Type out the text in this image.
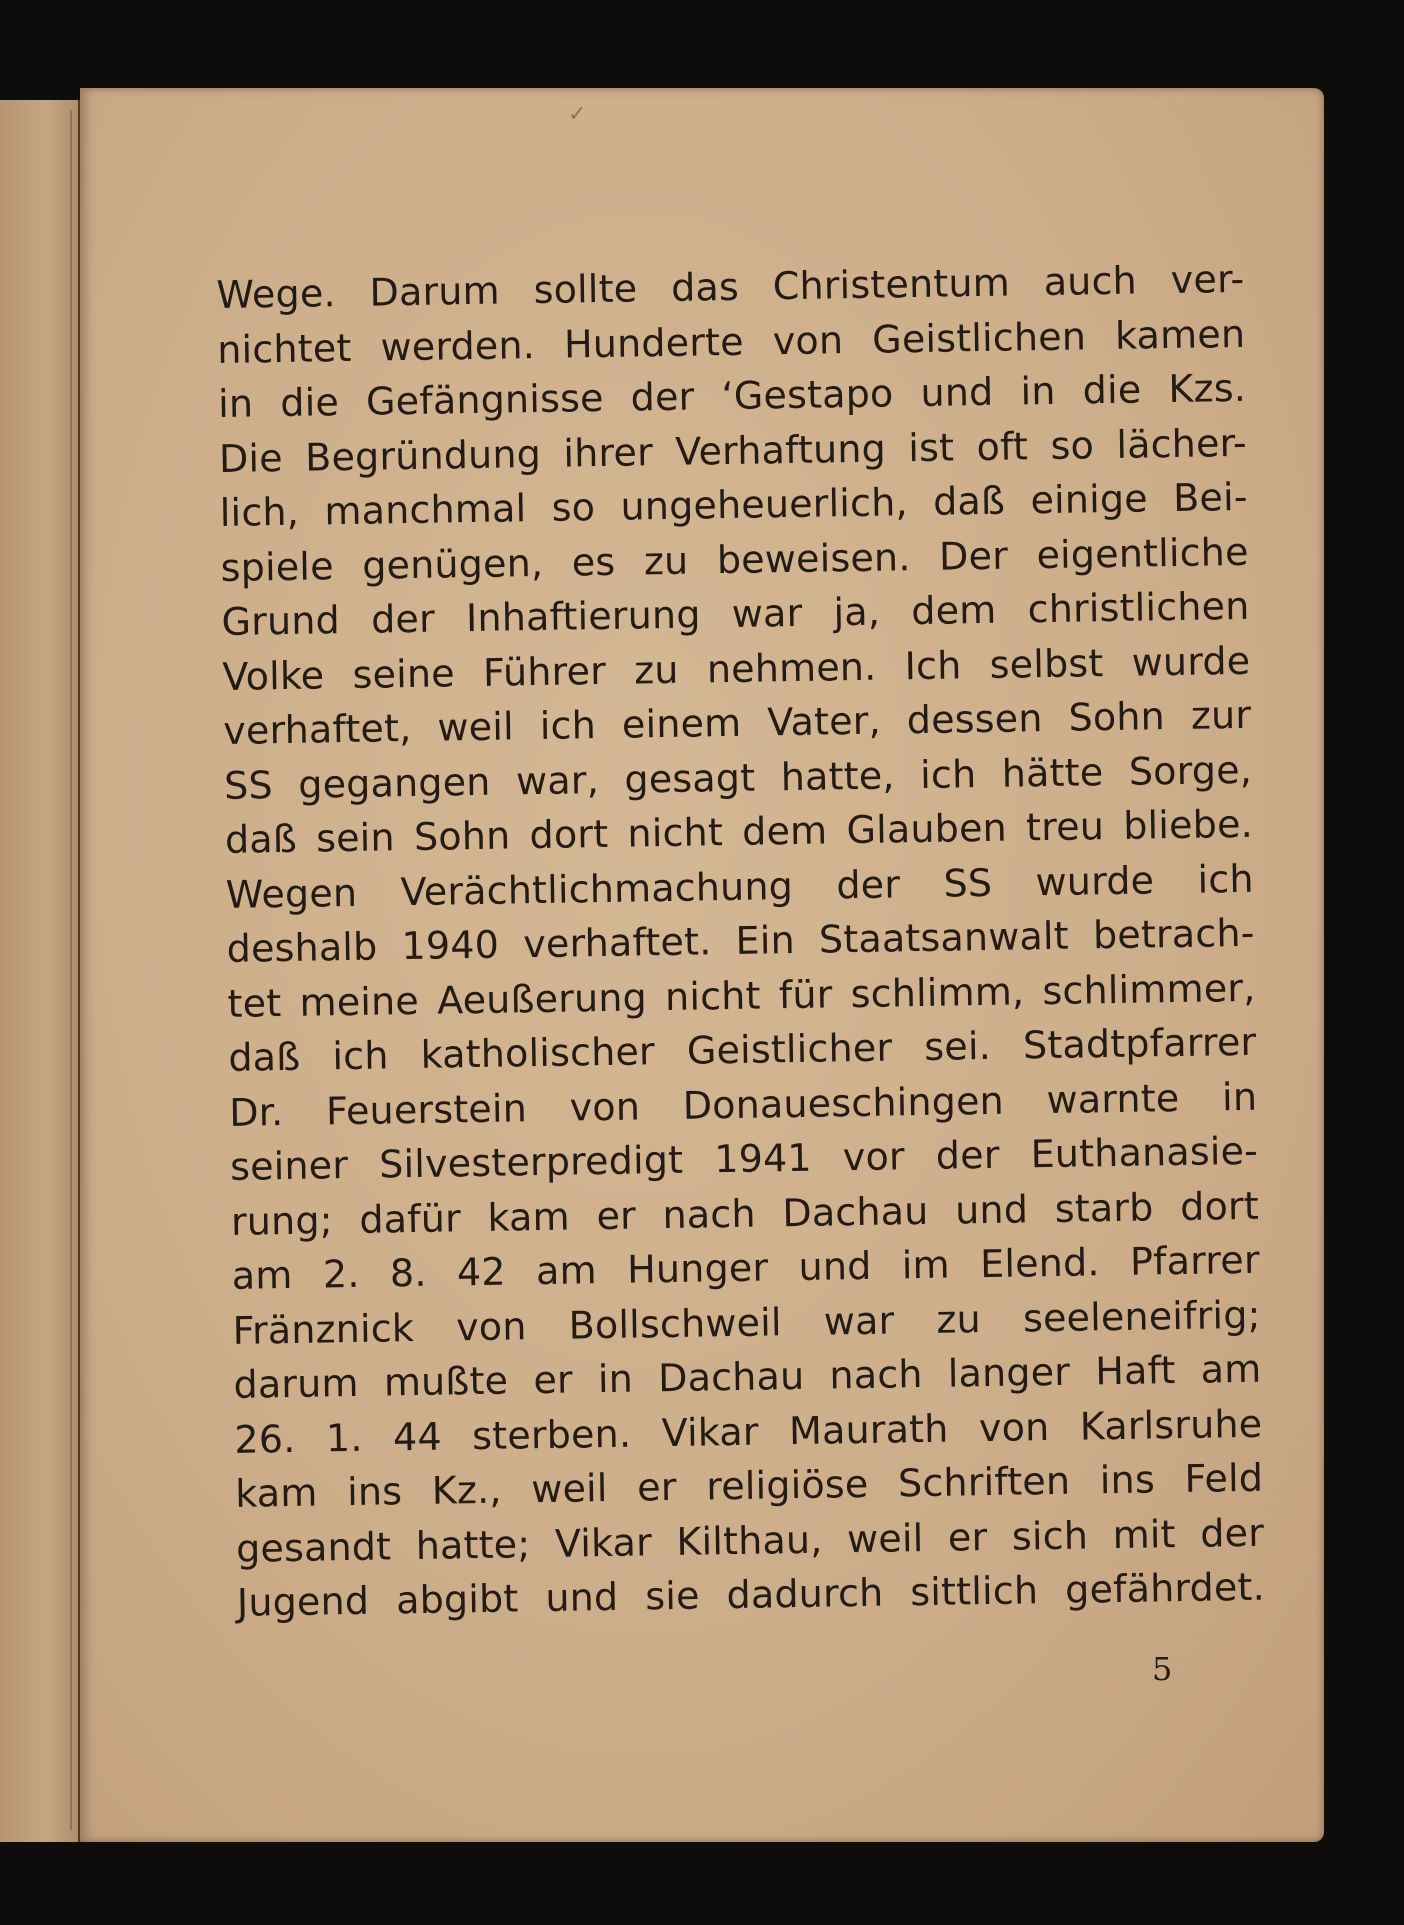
✓
Wege. Darum sollte das Christentum auch ver-
nichtet werden. Hunderte von Geistlichen kamen
in die Gefängnisse der ‘Gestapo und in die Kzs.
Die Begründung ihrer Verhaftung ist oft so lächer-
lich, manchmal so ungeheuerlich, daß einige Bei-
spiele genügen, es zu beweisen. Der eigentliche
Grund der Inhaftierung war ja, dem christlichen
Volke seine Führer zu nehmen. Ich selbst wurde
verhaftet, weil ich einem Vater, dessen Sohn zur
SS gegangen war, gesagt hatte, ich hätte Sorge,
daß sein Sohn dort nicht dem Glauben treu bliebe.
Wegen Verächtlichmachung der SS wurde ich
deshalb 1940 verhaftet. Ein Staatsanwalt betrach-
tet meine Aeußerung nicht für schlimm, schlimmer,
daß ich katholischer Geistlicher sei. Stadtpfarrer
Dr. Feuerstein von Donaueschingen warnte in
seiner Silvesterpredigt 1941 vor der Euthanasie-
rung; dafür kam er nach Dachau und starb dort
am 2. 8. 42 am Hunger und im Elend. Pfarrer
Fränznick von Bollschweil war zu seeleneifrig;
darum mußte er in Dachau nach langer Haft am
26. 1. 44 sterben. Vikar Maurath von Karlsruhe
kam ins Kz., weil er religiöse Schriften ins Feld
gesandt hatte; Vikar Kilthau, weil er sich mit der
Jugend abgibt und sie dadurch sittlich gefährdet.
5
